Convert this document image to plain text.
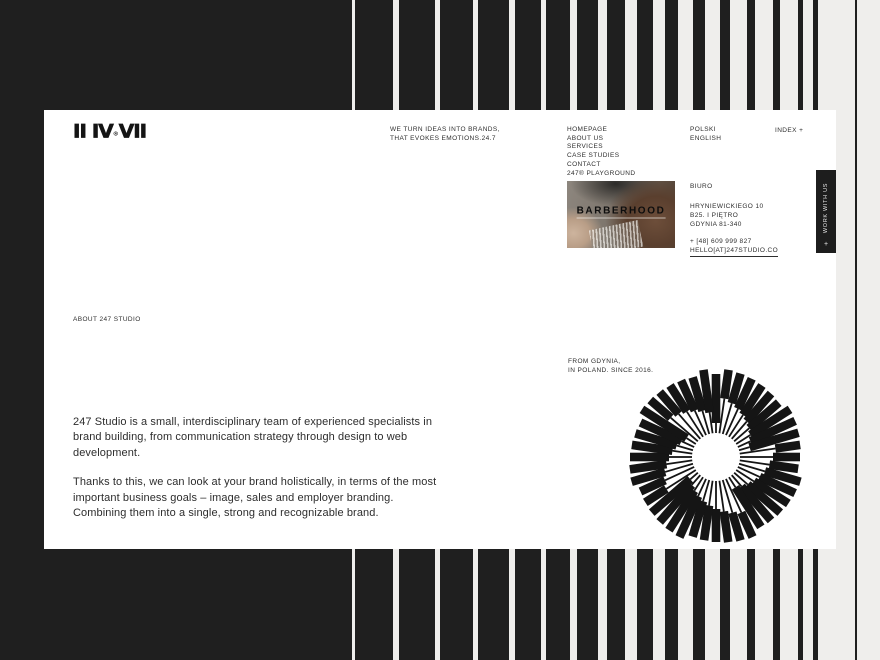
II IV®VII	WE TURN IDEAS INTO BRANDS,
THAT EVOKES EMOTIONS.24.7
HOMEPAGE
ABOUT US
SERVICES
CASE STUDIES
CONTACT
247® PLAYGROUND
POLSKI
ENGLISH
INDEX +
BARBERHOOD
BIURO
HRYNIEWICKIEGO 10
B25. I PIĘTRO
GDYNIA 81-340
+ [48] 609 999 827
HELLO[AT]247STUDIO.CO
WORK WITH US
+
ABOUT 247 STUDIO
FROM GDYNIA,
IN POLAND. SINCE 2016.
247 Studio is a small, interdisciplinary team of experienced specialists in brand building, from communication strategy through design to web development.
Thanks to this, we can look at your brand holistically, in terms of the most important business goals – image, sales and employer branding. Combining them into a single, strong and recognizable brand.
